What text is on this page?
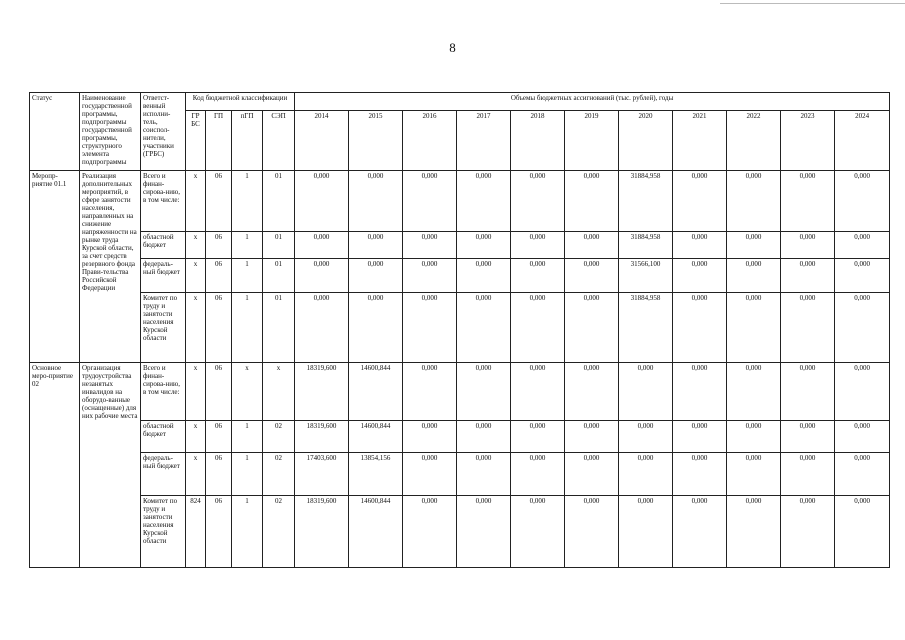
8
Статус	Наименование государственной программы, подпрограммы государственной программы, структурного элемента подпрограммы	Ответст-венный исполни-тель, соиспол-нители, участники (ГРБС)	Код бюджетной классификации				Объемы бюджетных ассигнований (тыс. рублей), годы										
			ГР БС	ГП	пГП	СЭП	2014	2015	2016	2017	2018	2019	2020	2021	2022	2023	2024
Меропр-риятие 01.1	Реализация дополнительных мероприятий, в сфере занятости населения, направленных на снижение напряженности на рынке труда Курской области, за счет средств резервного фонда Прави-тельства Российской Федерации	Всего и финан-сирова-нию, в том числе:	x	06	1	01	0,000	0,000	0,000	0,000	0,000	0,000	31884,958	0,000	0,000	0,000	0,000
		областной бюджет	x	06	1	01	0,000	0,000	0,000	0,000	0,000	0,000	31884,958	0,000	0,000	0,000	0,000
		федераль-ный бюджет	x	06	1	01	0,000	0,000	0,000	0,000	0,000	0,000	31566,100	0,000	0,000	0,000	0,000
		Комитет по труду и занятости населения Курской области	x	06	1	01	0,000	0,000	0,000	0,000	0,000	0,000	31884,958	0,000	0,000	0,000	0,000
Основное меро-приятие 02	Организация трудоустройства незанятых инвалидов на оборудо-ванные (оснащенные) для них рабочие места	Всего и финан-сирова-нию, в том числе:	x	06	x	x	18319,600	14600,844	0,000	0,000	0,000	0,000	0,000	0,000	0,000	0,000	0,000
		областной бюджет	x	06	1	02	18319,600	14600,844	0,000	0,000	0,000	0,000	0,000	0,000	0,000	0,000	0,000
		федераль-ный бюджет	x	06	1	02	17403,600	13854,156	0,000	0,000	0,000	0,000	0,000	0,000	0,000	0,000	0,000
		Комитет по труду и занятости населения Курской области	824	06	1	02	18319,600	14600,844	0,000	0,000	0,000	0,000	0,000	0,000	0,000	0,000	0,000
